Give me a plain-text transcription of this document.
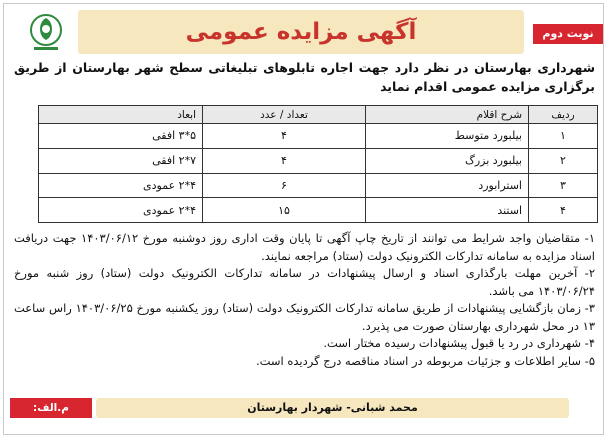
آگهی مزایده عمومی	نوبت دوم
شهرداری بهارستان در نظر دارد جهت اجاره تابلوهای تبلیغاتی سطح شهر بهارستان از طریق برگزاری مزایده عمومی اقدام نماید
ردیف	شرح اقلام	تعداد / عدد	ابعاد
۱	بیلبورد متوسط	۴	۵*۳ افقی
۲	بیلبورد بزرگ	۴	۷*۲ افقی
۳	استرابورد	۶	۴*۲ عمودی
۴	استند	۱۵	۴*۲ عمودی

۱- متقاضیان واجد شرایط می توانند از تاریخ چاپ آگهی تا پایان وقت اداری روز دوشنبه مورخ ۱۴۰۳/۰۶/۱۲ جهت دریافت اسناد مزایده به سامانه تدارکات الکترونیک دولت (ستاد) مراجعه نمایند.

۲- آخرین مهلت بارگذاری اسناد و ارسال پیشنهادات در سامانه تدارکات الکترونیک دولت (ستاد) روز شنبه مورخ ۱۴۰۳/۰۶/۲۴ می باشد.

۳- زمان بازگشایی پیشنهادات از طریق سامانه تدارکات الکترونیک دولت (ستاد) روز یکشنبه مورخ ۱۴۰۳/۰۶/۲۵ راس ساعت ۱۳ در محل شهرداری بهارستان صورت می پذیرد.

۴- شهرداری در رد یا قبول پیشنهادات رسیده مختار است.

۵- سایر اطلاعات و جزئیات مربوطه در اسناد مناقصه درج گردیده است.

محمد شبانی- شهردار بهارستان
م.الف: ۱۷۷۲۹۳۶
